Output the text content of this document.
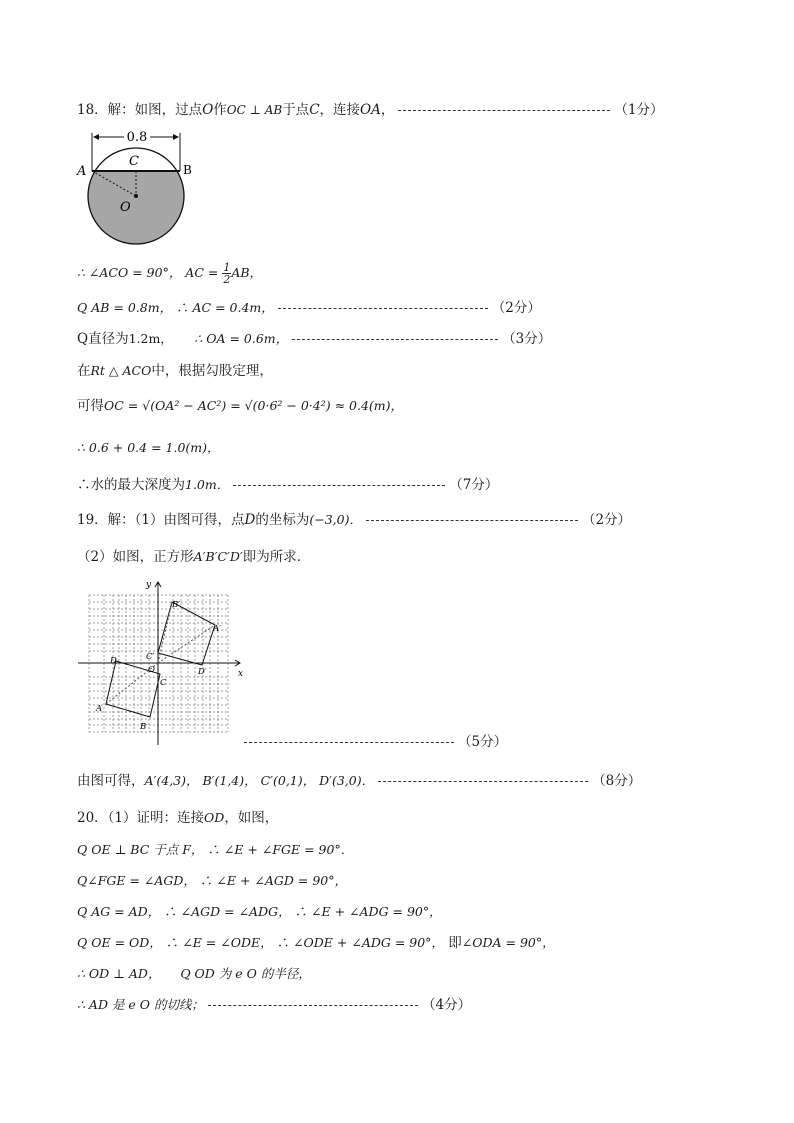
18．解：如图，过点O作OC ⊥ AB于点C，连接OA，	（1分）
0.8
A	B
C
O
∴ ∠ACO = 90°， AC = $\frac{1}{2}$ AB，
Q AB = 0.8m， ∴ AC = 0.4m，	（2分）
Q直径为1.2m， ∴ OA = 0.6m，	（3分）
在Rt △ ACO中，根据勾股定理，
可得OC = √(OA² − AC²) = √(0·6² − 0·4²) ≈ 0.4(m)，
∴ 0.6 + 0.4 = 1.0(m)，
∴水的最大深度为1.0m．	（7分）
19．解：（1）由图可得，点D的坐标为(−3,0)．	（2分）
（2）如图，正方形A′B′C′D′即为所求．
x
y
B′
A′
C′
D′
D
O
C
A
B
（5分）
由图可得，A′(4,3)， B′(1,4)， C′(0,1)， D′(3,0)．	（8分）
20．（1）证明：连接OD，如图，
Q OE ⊥ BC 于点 F， ∴ ∠E + ∠FGE = 90°．
Q∠FGE = ∠AGD， ∴ ∠E + ∠AGD = 90°，
Q AG = AD， ∴ ∠AGD = ∠ADG， ∴ ∠E + ∠ADG = 90°，
Q OE = OD， ∴ ∠E = ∠ODE， ∴ ∠ODE + ∠ADG = 90°， 即∠ODA = 90°，
∴ OD ⊥ AD， Q OD 为 e O 的半径，
∴ AD 是 e O 的切线；	（4分）
